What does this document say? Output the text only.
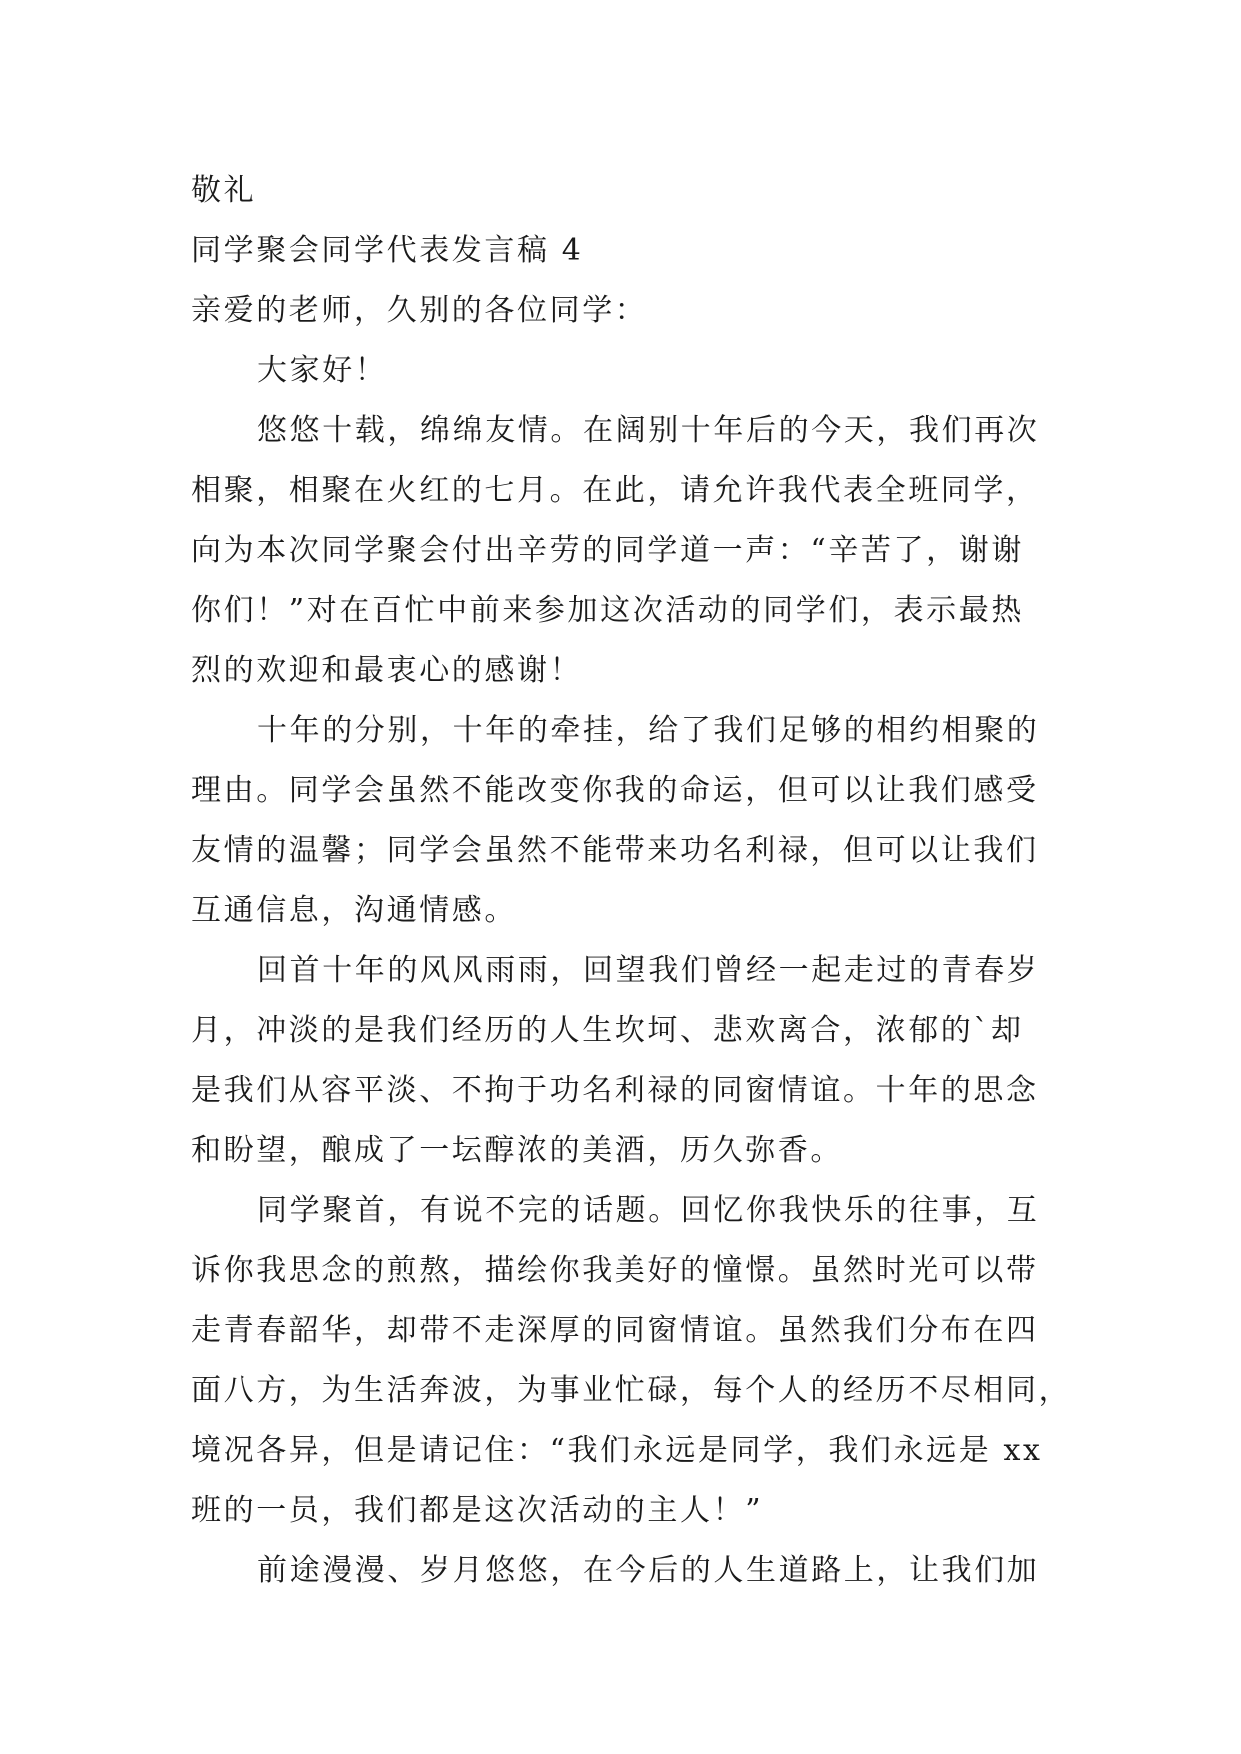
敬礼

同学聚会同学代表发言稿 4

亲爱的老师，久别的各位同学：

大家好！

悠悠十载，绵绵友情。在阔别十年后的今天，我们再次
相聚，相聚在火红的七月。在此，请允许我代表全班同学，
向为本次同学聚会付出辛劳的同学道一声：“辛苦了，谢谢
你们！”对在百忙中前来参加这次活动的同学们，表示最热
烈的欢迎和最衷心的感谢！
十年的分别，十年的牵挂，给了我们足够的相约相聚的
理由。同学会虽然不能改变你我的命运，但可以让我们感受
友情的温馨；同学会虽然不能带来功名利禄，但可以让我们
互通信息，沟通情感。
回首十年的风风雨雨，回望我们曾经一起走过的青春岁
月，冲淡的是我们经历的人生坎坷、悲欢离合，浓郁的`却
是我们从容平淡、不拘于功名利禄的同窗情谊。十年的思念
和盼望，酿成了一坛醇浓的美酒，历久弥香。
同学聚首，有说不完的话题。回忆你我快乐的往事，互
诉你我思念的煎熬，描绘你我美好的憧憬。虽然时光可以带
走青春韶华，却带不走深厚的同窗情谊。虽然我们分布在四
面八方，为生活奔波，为事业忙碌，每个人的经历不尽相同，
境况各异，但是请记住：“我们永远是同学，我们永远是 xx
班的一员，我们都是这次活动的主人！”
前途漫漫、岁月悠悠，在今后的人生道路上，让我们加
